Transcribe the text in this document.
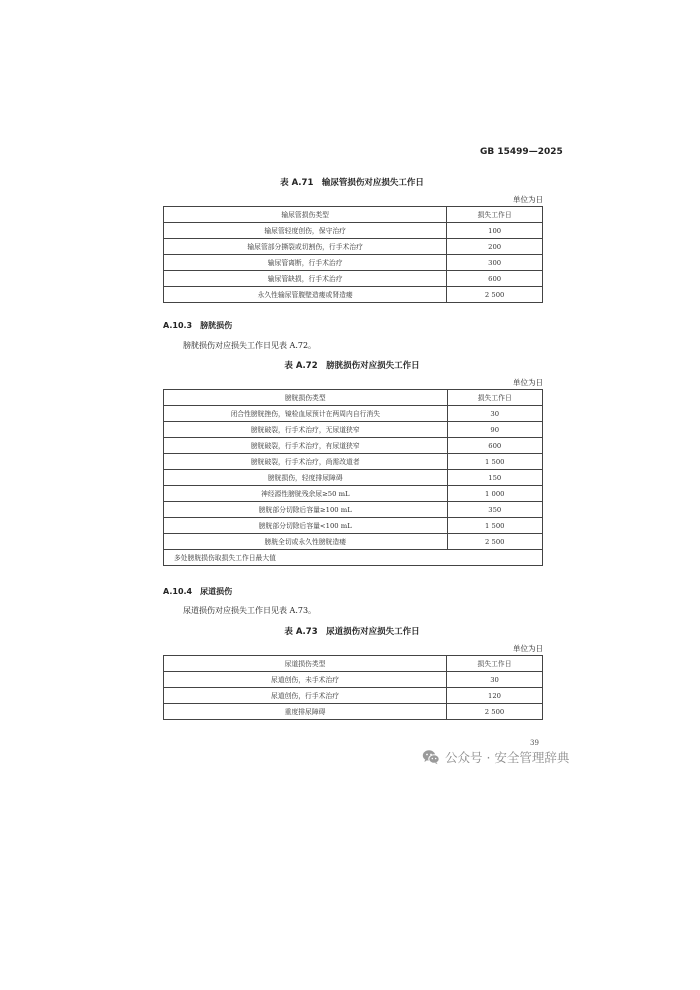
GB 15499—2025
表 A.71　输尿管损伤对应损失工作日
单位为日
输尿管损伤类型	损失工作日
输尿管轻度创伤，保守治疗	100
输尿管部分撕裂或切割伤，行手术治疗	200
输尿管离断，行手术治疗	300
输尿管缺损，行手术治疗	600
永久性输尿管腹壁造瘘或肾造瘘	2 500
A.10.3　膀胱损伤
膀胱损伤对应损失工作日见表 A.72。
表 A.72　膀胱损伤对应损失工作日
单位为日
膀胱损伤类型	损失工作日
闭合性膀胱挫伤，镜检血尿预计在两周内自行消失	30
膀胱破裂，行手术治疗，无尿道狭窄	90
膀胱破裂，行手术治疗，有尿道狭窄	600
膀胱破裂，行手术治疗，尚需改道者	1 500
膀胱损伤，轻度排尿障碍	150
神经源性膀胱残余尿≥50 mL	1 000
膀胱部分切除后容量≥100 mL	350
膀胱部分切除后容量<100 mL	1 500
膀胱全切或永久性膀胱造瘘	2 500
多处膀胱损伤取损失工作日最大值	
A.10.4　尿道损伤
尿道损伤对应损失工作日见表 A.73。
表 A.73　尿道损伤对应损失工作日
单位为日
尿道损伤类型	损失工作日
尿道创伤，未手术治疗	30
尿道创伤，行手术治疗	120
重度排尿障碍	2 500
39
公众号 · 安全管理辞典
